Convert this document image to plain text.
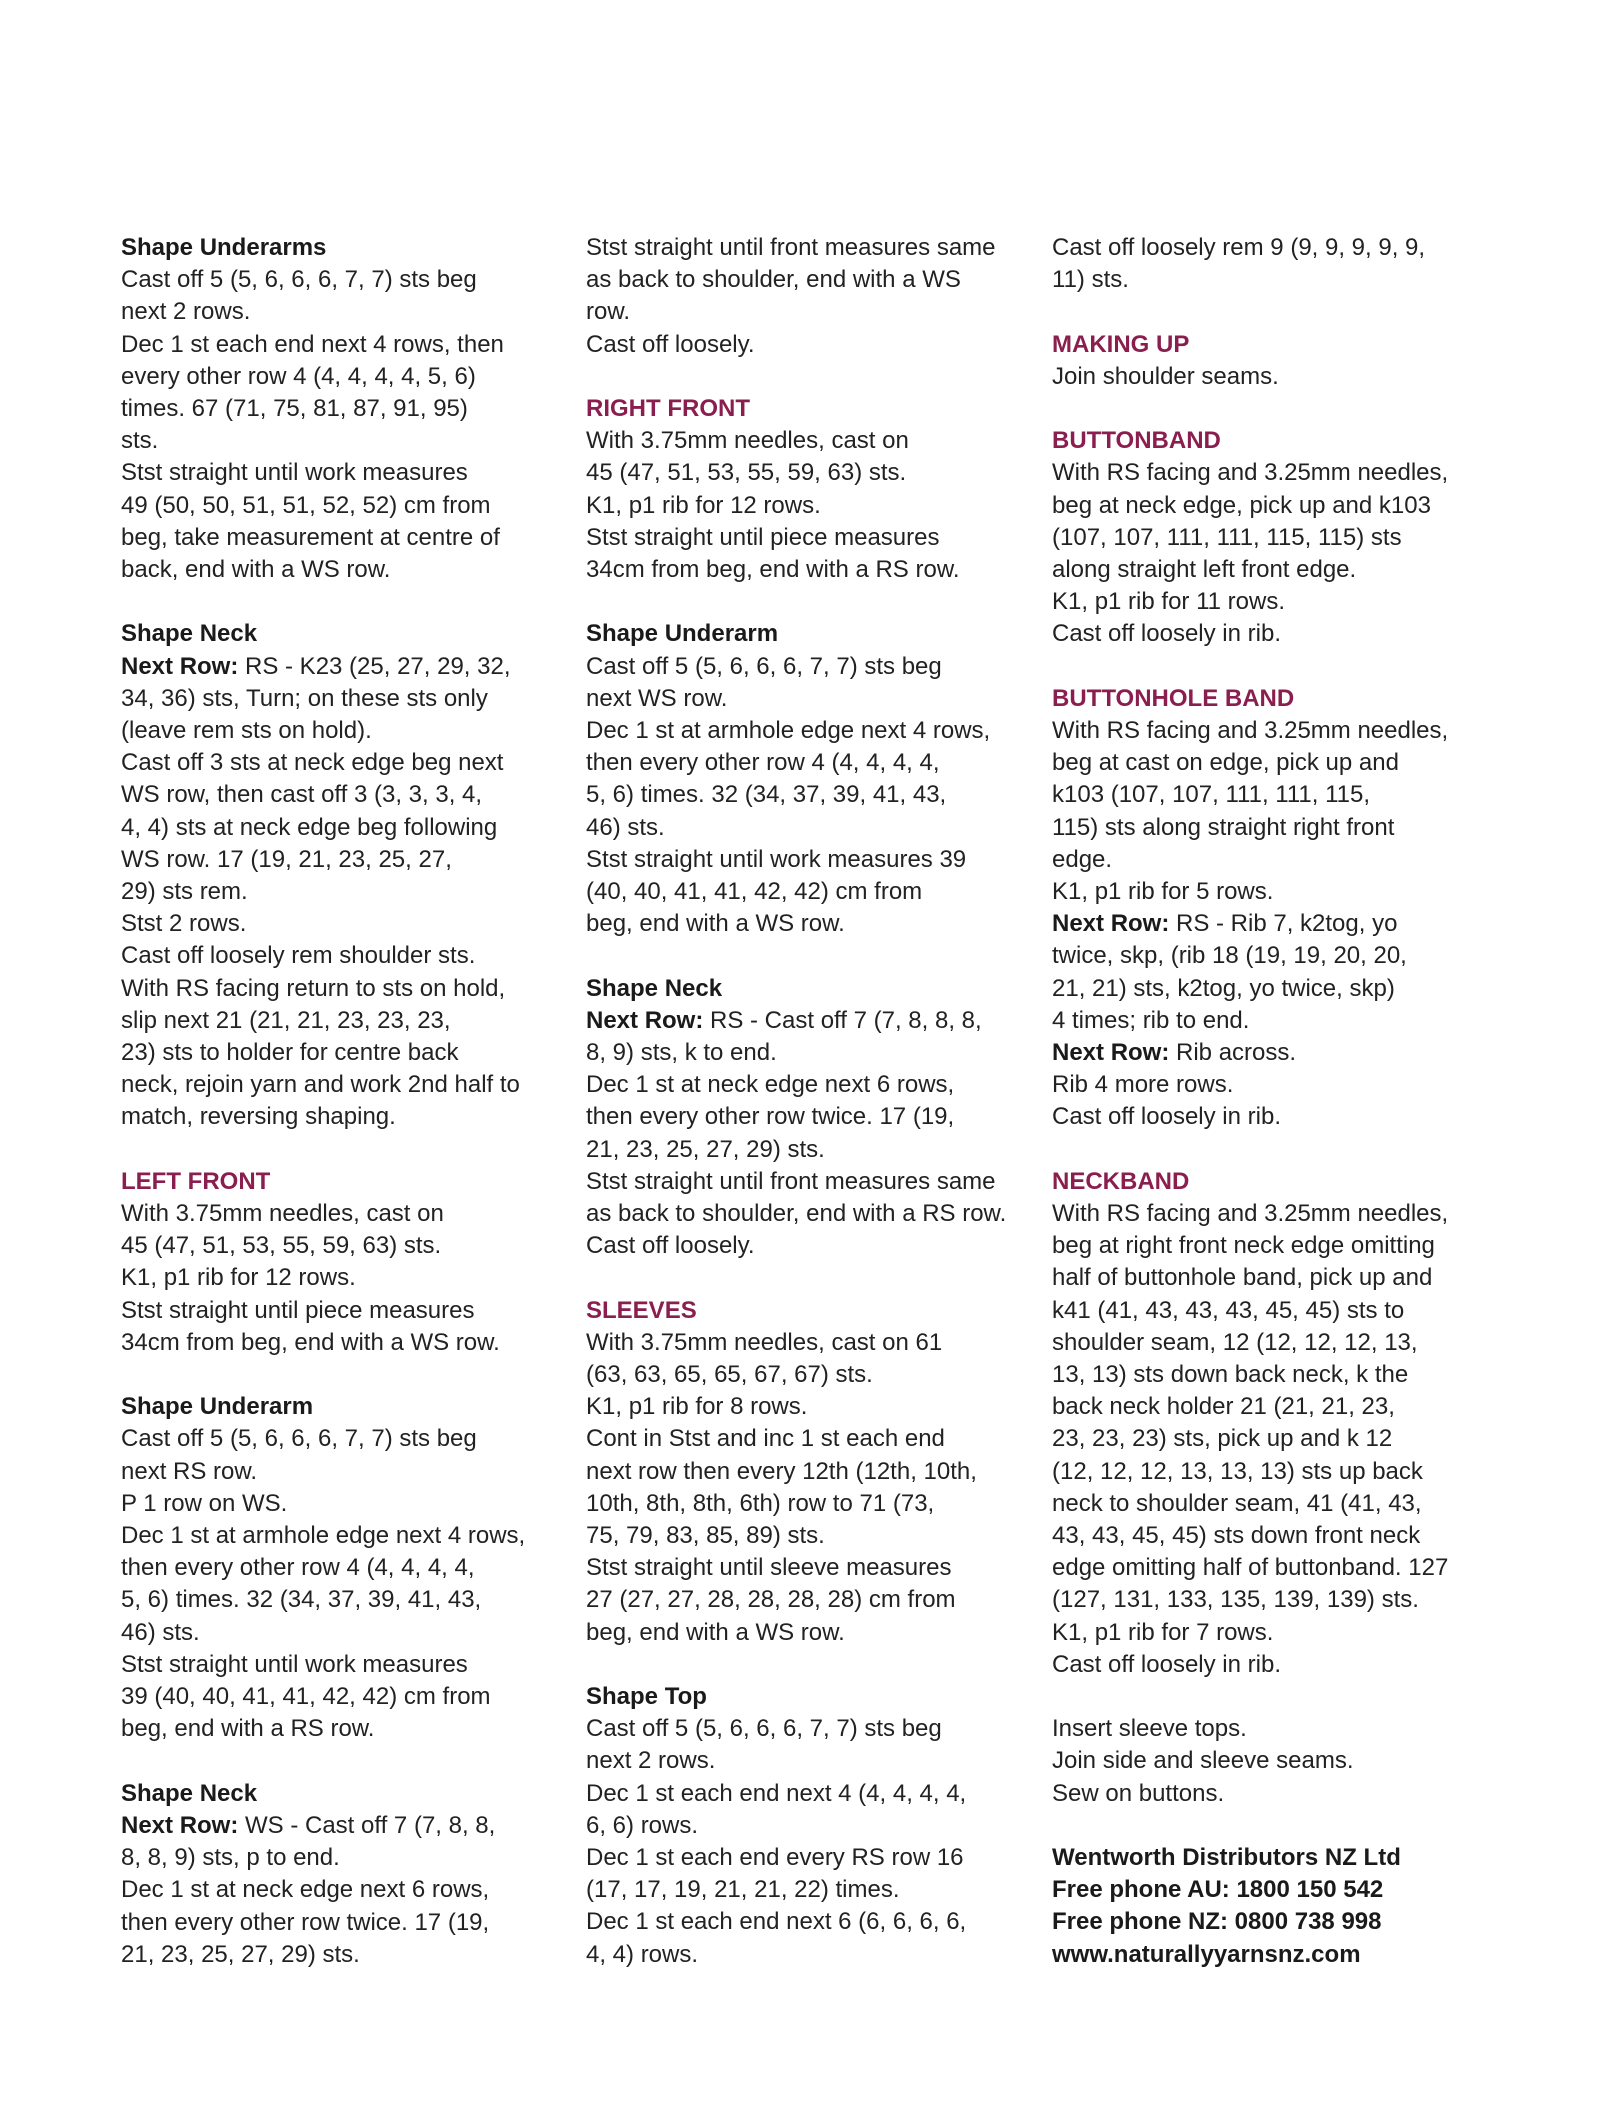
Shape Underarms
Cast off 5 (5, 6, 6, 6, 7, 7) sts beg
next 2 rows.
Dec 1 st each end next 4 rows, then
every other row 4 (4, 4, 4, 4, 5, 6)
times. 67 (71, 75, 81, 87, 91, 95)
sts.
Stst straight until work measures
49 (50, 50, 51, 51, 52, 52) cm from
beg, take measurement at centre of
back, end with a WS row.
Shape Neck
Next Row: RS - K23 (25, 27, 29, 32,
34, 36) sts, Turn; on these sts only
(leave rem sts on hold).
Cast off 3 sts at neck edge beg next
WS row, then cast off 3 (3, 3, 3, 4,
4, 4) sts at neck edge beg following
WS row. 17 (19, 21, 23, 25, 27,
29) sts rem.
Stst 2 rows.
Cast off loosely rem shoulder sts.
With RS facing return to sts on hold,
slip next 21 (21, 21, 23, 23, 23,
23) sts to holder for centre back
neck, rejoin yarn and work 2nd half to
match, reversing shaping.
LEFT FRONT
With 3.75mm needles, cast on
45 (47, 51, 53, 55, 59, 63) sts.
K1, p1 rib for 12 rows.
Stst straight until piece measures
34cm from beg, end with a WS row.
Shape Underarm
Cast off 5 (5, 6, 6, 6, 7, 7) sts beg
next RS row.
P 1 row on WS.
Dec 1 st at armhole edge next 4 rows,
then every other row 4 (4, 4, 4, 4,
5, 6) times. 32 (34, 37, 39, 41, 43,
46) sts.
Stst straight until work measures
39 (40, 40, 41, 41, 42, 42) cm from
beg, end with a RS row.
Shape Neck
Next Row: WS - Cast off 7 (7, 8, 8,
8, 8, 9) sts, p to end.
Dec 1 st at neck edge next 6 rows,
then every other row twice. 17 (19,
21, 23, 25, 27, 29) sts.
Stst straight until front measures same
as back to shoulder, end with a WS
row.
Cast off loosely.
RIGHT FRONT
With 3.75mm needles, cast on
45 (47, 51, 53, 55, 59, 63) sts.
K1, p1 rib for 12 rows.
Stst straight until piece measures
34cm from beg, end with a RS row.
Shape Underarm
Cast off 5 (5, 6, 6, 6, 7, 7) sts beg
next WS row.
Dec 1 st at armhole edge next 4 rows,
then every other row 4 (4, 4, 4, 4,
5, 6) times. 32 (34, 37, 39, 41, 43,
46) sts.
Stst straight until work measures 39
(40, 40, 41, 41, 42, 42) cm from
beg, end with a WS row.
Shape Neck
Next Row: RS - Cast off 7 (7, 8, 8, 8,
8, 9) sts, k to end.
Dec 1 st at neck edge next 6 rows,
then every other row twice. 17 (19,
21, 23, 25, 27, 29) sts.
Stst straight until front measures same
as back to shoulder, end with a RS row.
Cast off loosely.
SLEEVES
With 3.75mm needles, cast on 61
(63, 63, 65, 65, 67, 67) sts.
K1, p1 rib for 8 rows.
Cont in Stst and inc 1 st each end
next row then every 12th (12th, 10th,
10th, 8th, 8th, 6th) row to 71 (73,
75, 79, 83, 85, 89) sts.
Stst straight until sleeve measures
27 (27, 27, 28, 28, 28, 28) cm from
beg, end with a WS row.
Shape Top
Cast off 5 (5, 6, 6, 6, 7, 7) sts beg
next 2 rows.
Dec 1 st each end next 4 (4, 4, 4, 4,
6, 6) rows.
Dec 1 st each end every RS row 16
(17, 17, 19, 21, 21, 22) times.
Dec 1 st each end next 6 (6, 6, 6, 6,
4, 4) rows.
Cast off loosely rem 9 (9, 9, 9, 9, 9,
11) sts.
MAKING UP
Join shoulder seams.
BUTTONBAND
With RS facing and 3.25mm needles,
beg at neck edge, pick up and k103
(107, 107, 111, 111, 115, 115) sts
along straight left front edge.
K1, p1 rib for 11 rows.
Cast off loosely in rib.
BUTTONHOLE BAND
With RS facing and 3.25mm needles,
beg at cast on edge, pick up and
k103 (107, 107, 111, 111, 115,
115) sts along straight right front
edge.
K1, p1 rib for 5 rows.
Next Row: RS - Rib 7, k2tog, yo
twice, skp, (rib 18 (19, 19, 20, 20,
21, 21) sts, k2tog, yo twice, skp)
4 times; rib to end.
Next Row: Rib across.
Rib 4 more rows.
Cast off loosely in rib.
NECKBAND
With RS facing and 3.25mm needles,
beg at right front neck edge omitting
half of buttonhole band, pick up and
k41 (41, 43, 43, 43, 45, 45) sts to
shoulder seam, 12 (12, 12, 12, 13,
13, 13) sts down back neck, k the
back neck holder 21 (21, 21, 23,
23, 23, 23) sts, pick up and k 12
(12, 12, 12, 13, 13, 13) sts up back
neck to shoulder seam, 41 (41, 43,
43, 43, 45, 45) sts down front neck
edge omitting half of buttonband. 127
(127, 131, 133, 135, 139, 139) sts.
K1, p1 rib for 7 rows.
Cast off loosely in rib.
Insert sleeve tops.
Join side and sleeve seams.
Sew on buttons.
Wentworth Distributors NZ Ltd
Free phone AU: 1800 150 542
Free phone NZ: 0800 738 998
www.naturallyyarnsnz.com
